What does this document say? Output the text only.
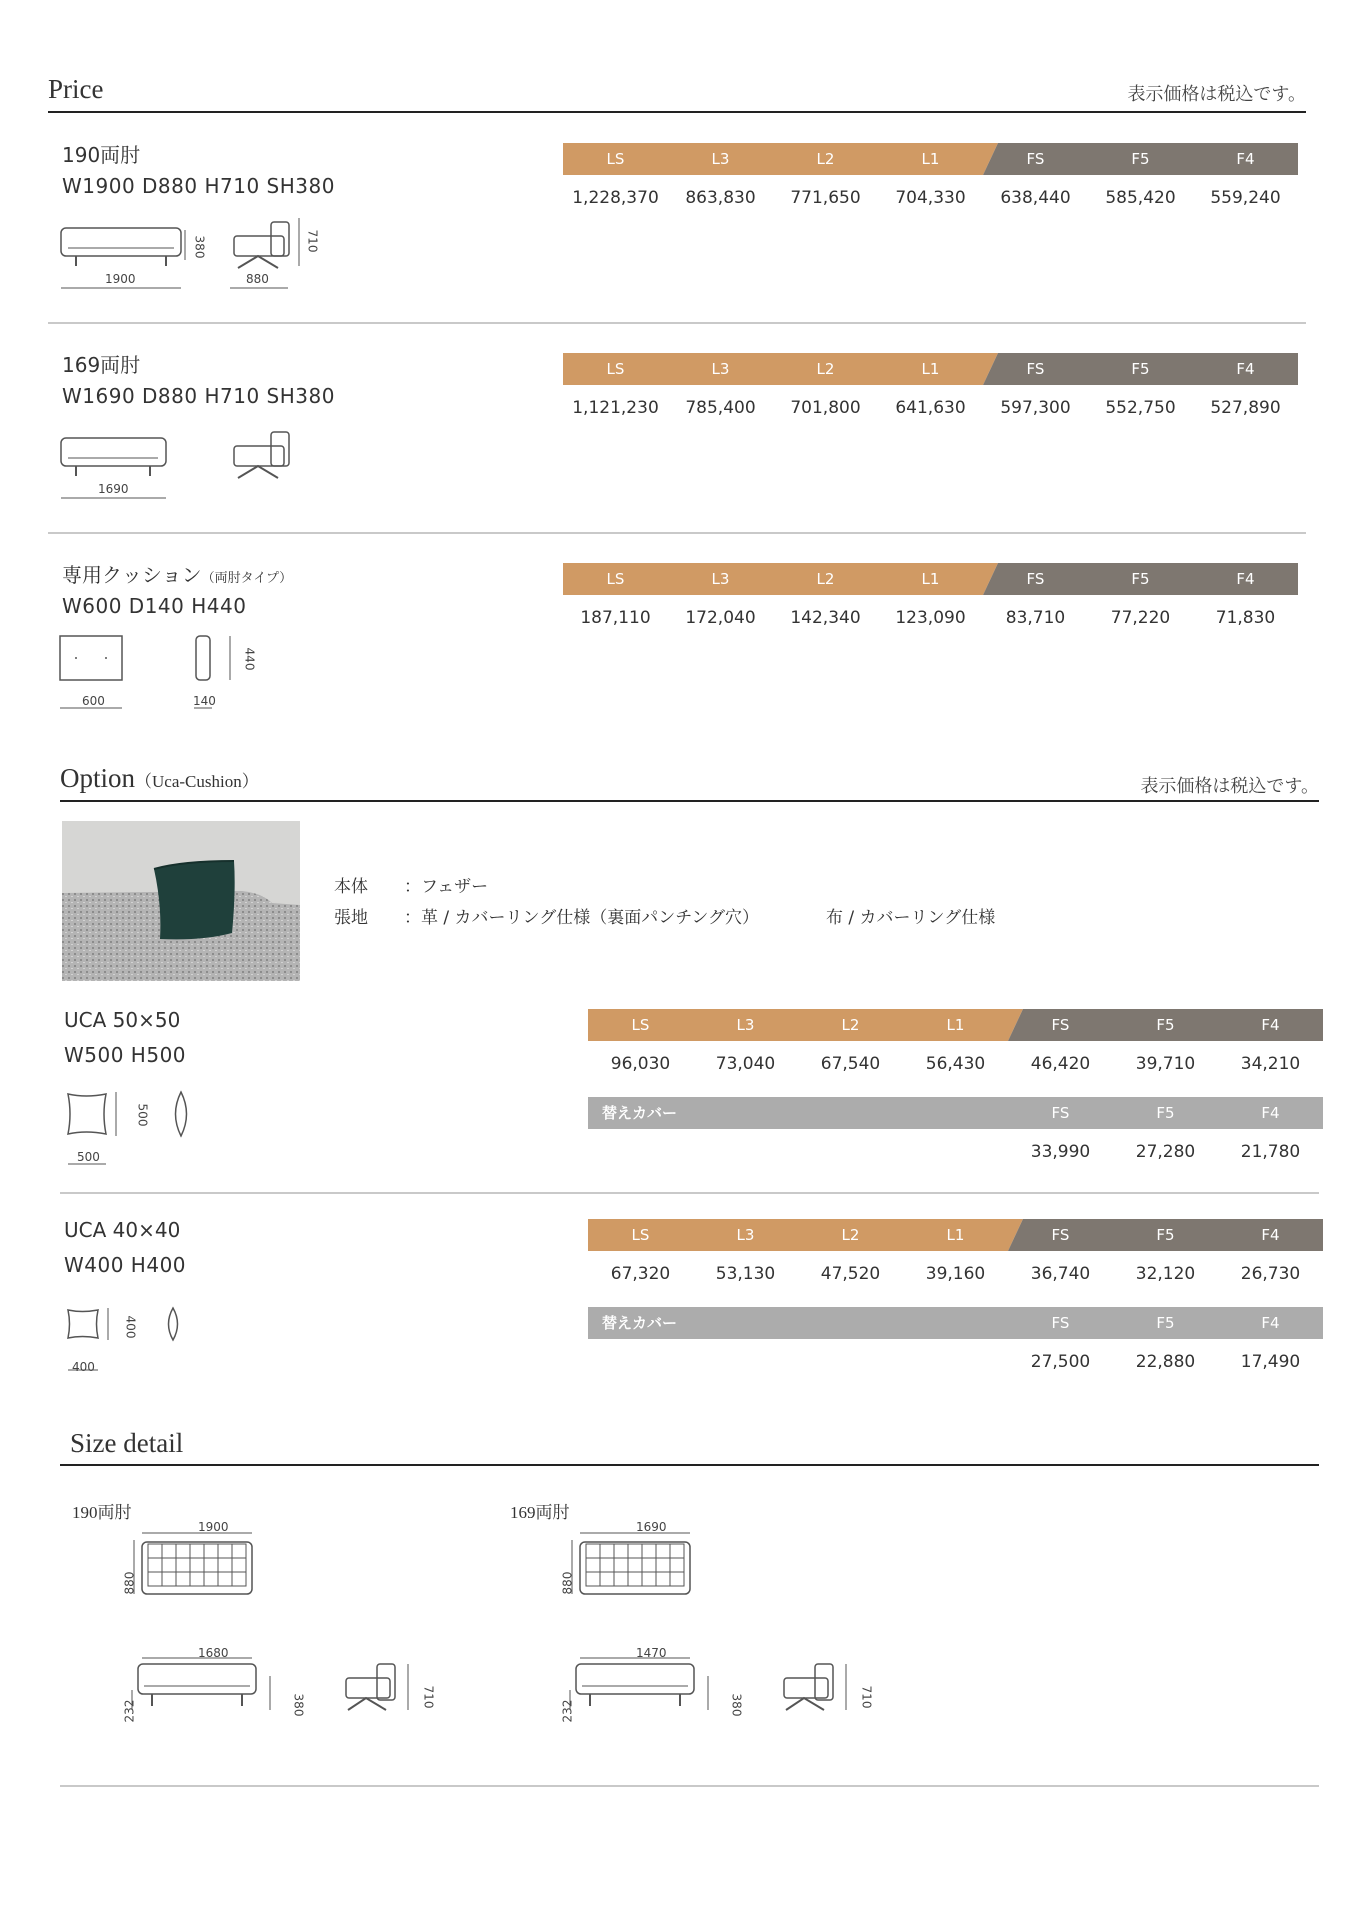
Price	表示価格は税込です。
190両肘
W1900 D880 H710 SH380
1900
380
880
710
LS	L3	L2	L1	FS	F5	F4
1,228,370	863,830	771,650	704,330	638,440	585,420	559,240
LS	L3	L2	L1	FS	F5	F4
1,121,230	785,400	701,800	641,630	597,300	552,750	527,890
LS	L3	L2	L1	FS	F5	F4
187,110	172,040	142,340	123,090	83,710	77,220	71,830
169両肘
W1690 D880 H710 SH380
1690
専用クッション（両肘タイプ）
W600 D140 H440
600	140
440
Option（Uca-Cushion）	表示価格は税込です。
本体 ：フェザー
張地 ：革 / カバーリング仕様（裏面パンチング穴）	布 / カバーリング仕様
UCA 50×50
W500 H500
500
500
LS	L3	L2	L1	FS	F5	F4
96,030	73,040	67,540	56,430	46,420	39,710	34,210
替えカバー	FS	F5	F4
33,990	27,280	21,780
UCA 40×40
W400 H400
400
400
LS	L3	L2	L1	FS	F5	F4
67,320	53,130	47,520	39,160	36,740	32,120	26,730
替えカバー	FS	F5	F4
27,500	22,880	17,490
Size detail
190両肘
1900
880
1680
232	380	710
169両肘
1690
880
1470
232	380	710
